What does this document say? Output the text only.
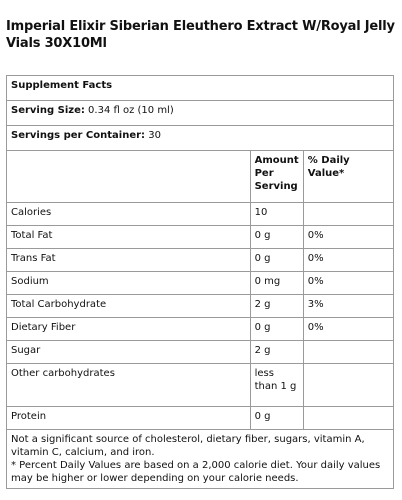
Imperial Elixir Siberian Eleuthero Extract W/Royal Jelly Vials 30X10Ml
Supplement Facts		
Serving Size: 0.34 fl oz (10 ml)		
Servings per Container: 30		
	Amount Per Serving	% Daily Value*
Calories	10	
Total Fat	0 g	0%
Trans Fat	0 g	0%
Sodium	0 mg	0%
Total Carbohydrate	2 g	3%
Dietary Fiber	0 g	0%
Sugar	2 g	
Other carbohydrates	less than 1 g	
Protein	0 g	

Not a significant source of cholesterol, dietary fiber, sugars, vitamin A, vitamin C, calcium, and iron.
* Percent Daily Values are based on a 2,000 calorie diet. Your daily values may be higher or lower depending on your calorie needs.		
